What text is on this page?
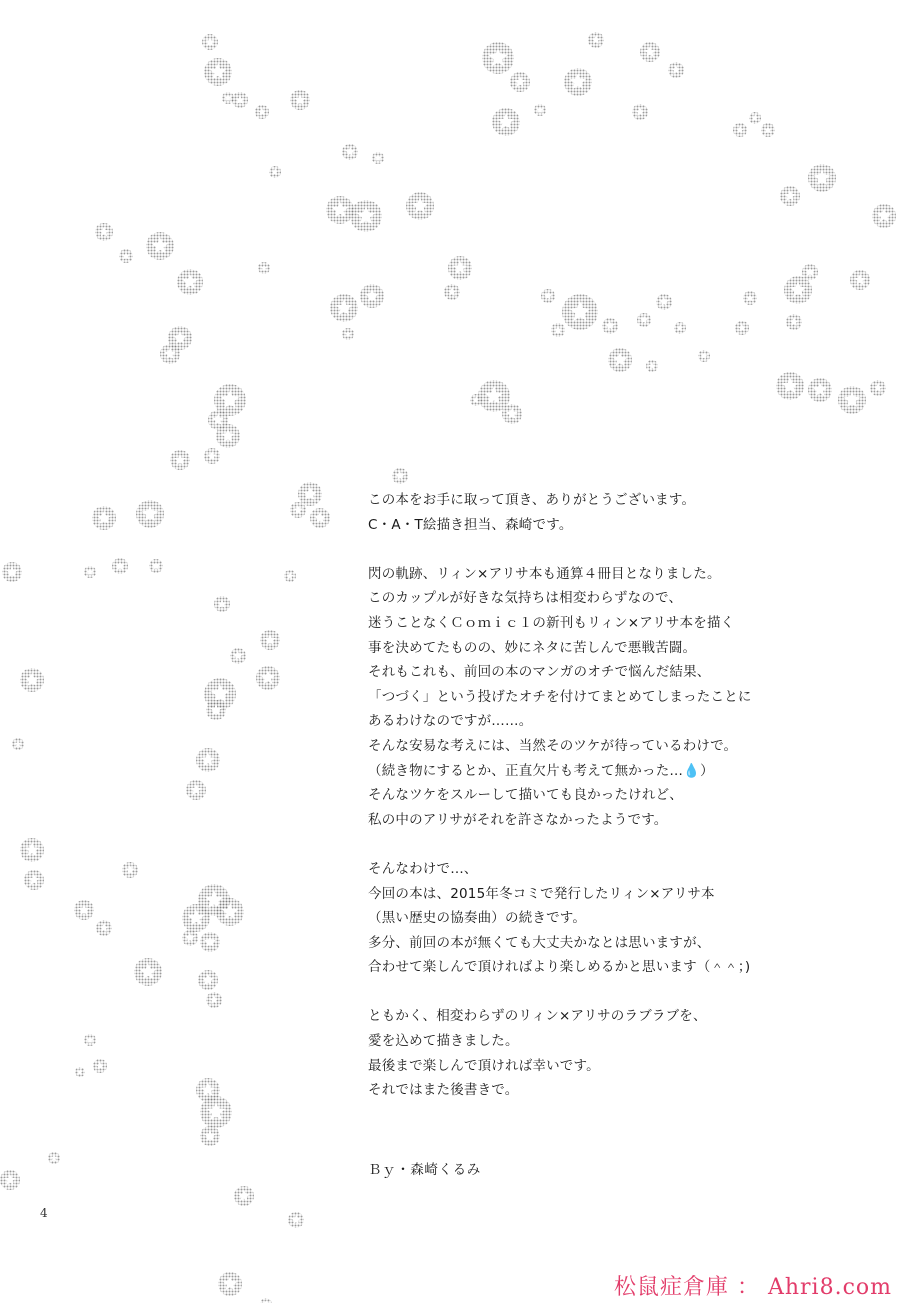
この本をお手に取って頂き、ありがとうございます。
C・A・T絵描き担当、森崎です。

閃の軌跡、リィン×アリサ本も通算４冊目となりました。
このカップルが好きな気持ちは相変わらずなので、
迷うことなくＣｏｍｉｃ１の新刊もリィン×アリサ本を描く
事を決めてたものの、妙にネタに苦しんで悪戦苦闘。
それもこれも、前回の本のマンガのオチで悩んだ結果、
「つづく」という投げたオチを付けてまとめてしまったことに
あるわけなのですが……。
そんな安易な考えには、当然そのツケが待っているわけで。
（続き物にするとか、正直欠片も考えて無かった…💧）
そんなツケをスルーして描いても良かったけれど、
私の中のアリサがそれを許さなかったようです。

そんなわけで…、
今回の本は、2015年冬コミで発行したリィン×アリサ本
（黒い歴史の協奏曲）の続きです。
多分、前回の本が無くても大丈夫かなとは思いますが、
合わせて楽しんで頂ければより楽しめるかと思います（＾＾；)

ともかく、相変わらずのリィン×アリサのラブラブを、
愛を込めて描きました。
最後まで楽しんで頂ければ幸いです。
それではまた後書きで。

Ｂｙ・森崎くるみ
4
松鼠症倉庫 ： Ahri8.com
